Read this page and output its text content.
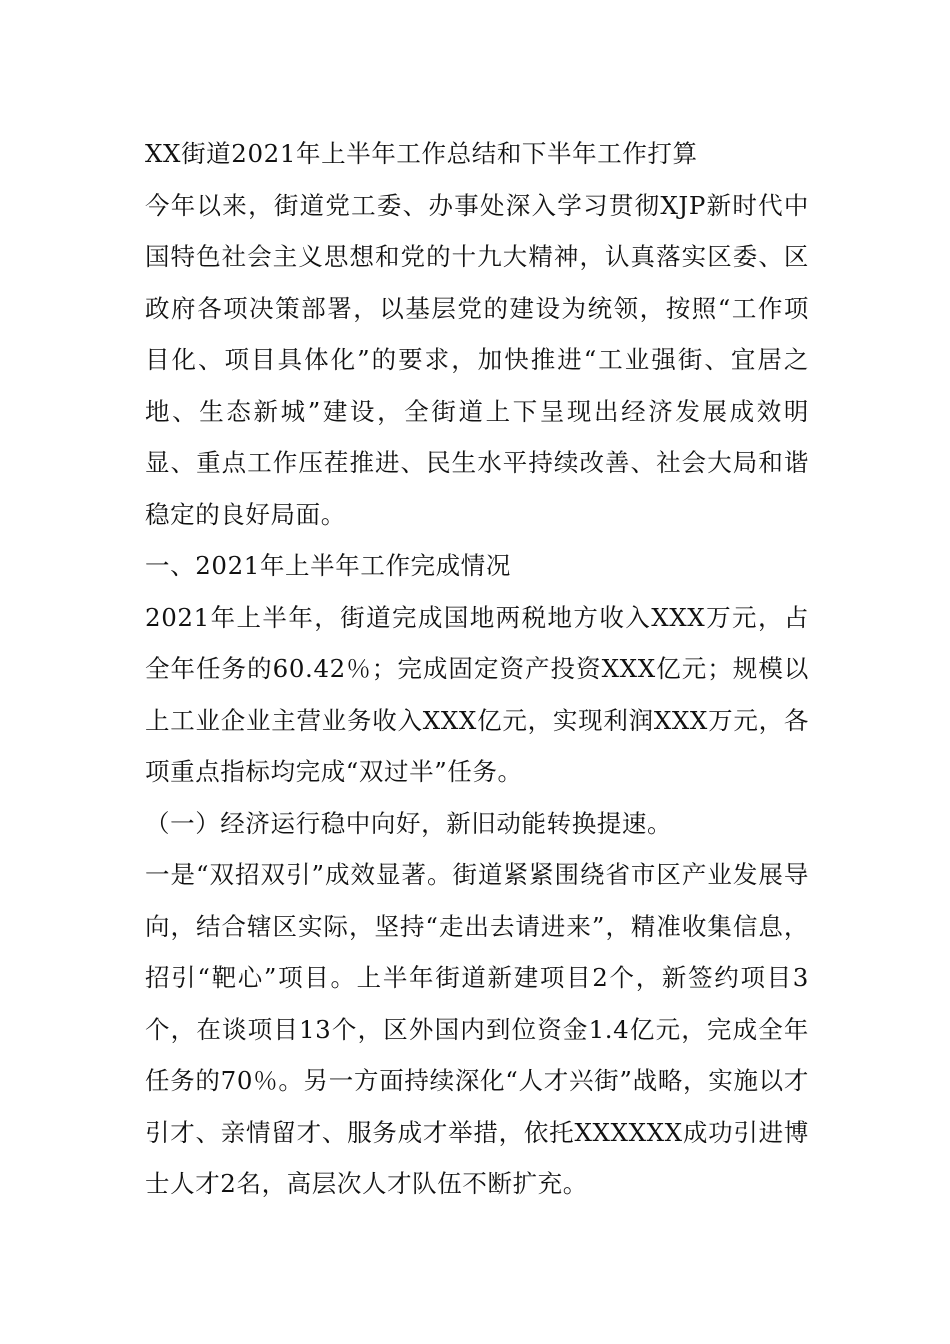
XX街道2021年上半年工作总结和下半年工作打算

今年以来，街道党工委、办事处深入学习贯彻XJP新时代中国特色社会主义思想和党的十九大精神，认真落实区委、区政府各项决策部署，以基层党的建设为统领，按照“工作项目化、项目具体化”的要求，加快推进“工业强街、宜居之地、生态新城”建设，全街道上下呈现出经济发展成效明显、重点工作压茬推进、民生水平持续改善、社会大局和谐稳定的良好局面。

一、2021年上半年工作完成情况

2021年上半年，街道完成国地两税地方收入XXX万元，占全年任务的60.42％；完成固定资产投资XXX亿元；规模以上工业企业主营业务收入XXX亿元，实现利润XXX万元，各项重点指标均完成“双过半”任务。

（一）经济运行稳中向好，新旧动能转换提速。

一是“双招双引”成效显著。街道紧紧围绕省市区产业发展导向，结合辖区实际，坚持“走出去请进来”，精准收集信息，招引“靶心”项目。上半年街道新建项目2个，新签约项目3个，在谈项目13个，区外国内到位资金1.4亿元，完成全年任务的70％。另一方面持续深化“人才兴街”战略，实施以才引才、亲情留才、服务成才举措，依托XXXXXX成功引进博士人才2名，高层次人才队伍不断扩充。
